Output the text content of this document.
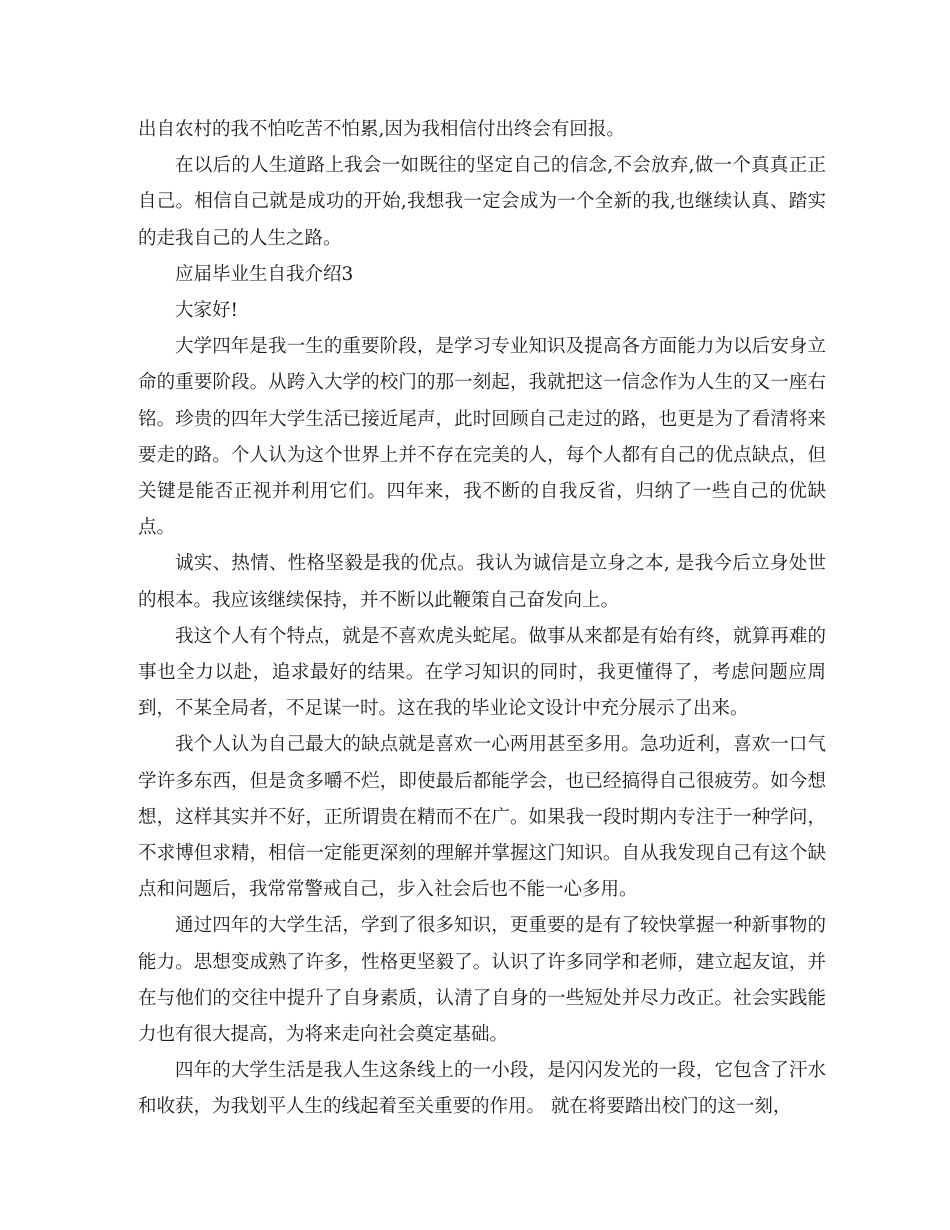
出自农村的我不怕吃苦不怕累,因为我相信付出终会有回报。

在以后的人生道路上我会一如既往的坚定自己的信念,不会放弃,做一个真真正正自己。相信自己就是成功的开始,我想我一定会成为一个全新的我,也继续认真、踏实的走我自己的人生之路。

应届毕业生自我介绍3

大家好!

大学四年是我一生的重要阶段，是学习专业知识及提高各方面能力为以后安身立命的重要阶段。从跨入大学的校门的那一刻起，我就把这一信念作为人生的又一座右铭。珍贵的四年大学生活已接近尾声，此时回顾自己走过的路，也更是为了看清将来要走的路。个人认为这个世界上并不存在完美的人，每个人都有自己的优点缺点，但关键是能否正视并利用它们。四年来，我不断的自我反省，归纳了一些自己的优缺点。

诚实、热情、性格坚毅是我的优点。我认为诚信是立身之本, 是我今后立身处世的根本。我应该继续保持，并不断以此鞭策自己奋发向上。

我这个人有个特点，就是不喜欢虎头蛇尾。做事从来都是有始有终，就算再难的事也全力以赴，追求最好的结果。在学习知识的同时，我更懂得了，考虑问题应周到，不某全局者，不足谋一时。这在我的毕业论文设计中充分展示了出来。

我个人认为自己最大的缺点就是喜欢一心两用甚至多用。急功近利，喜欢一口气学许多东西，但是贪多嚼不烂，即使最后都能学会，也已经搞得自己很疲劳。如今想想，这样其实并不好，正所谓贵在精而不在广。如果我一段时期内专注于一种学问，不求博但求精，相信一定能更深刻的理解并掌握这门知识。自从我发现自己有这个缺点和问题后，我常常警戒自己，步入社会后也不能一心多用。

通过四年的大学生活，学到了很多知识，更重要的是有了较快掌握一种新事物的能力。思想变成熟了许多，性格更坚毅了。认识了许多同学和老师，建立起友谊，并在与他们的交往中提升了自身素质，认清了自身的一些短处并尽力改正。社会实践能力也有很大提高，为将来走向社会奠定基础。

四年的大学生活是我人生这条线上的一小段，是闪闪发光的一段，它包含了汗水和收获，为我划平人生的线起着至关重要的作用。 就在将要踏出校门的这一刻，
